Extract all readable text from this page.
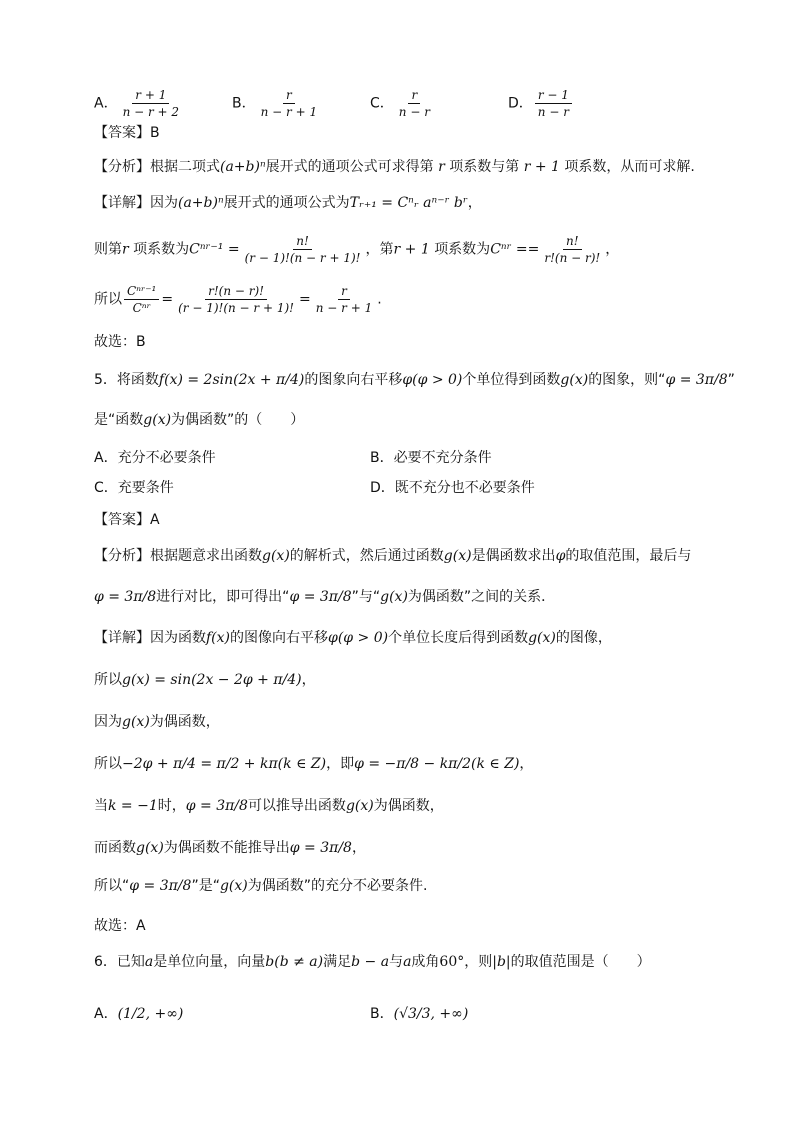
A． $\frac{r + 1}{n - r + 2}$	B． $\frac{r}{n - r + 1}$	C． $\frac{r}{n - r}$	D． $\frac{r - 1}{n - r}$
【答案】B
【分析】根据二项式(a+b)ⁿ展开式的通项公式可求得第 r 项系数与第 r + 1 项系数，从而可求解.
【详解】因为(a+b)ⁿ展开式的通项公式为Tᵣ₊₁ = Cⁿᵣ aⁿ⁻ʳ bʳ，
则第r 项系数为Cⁿʳ⁻¹ = $\frac{n!}{(r - 1)!(n - r + 1)!}$ ，第r + 1 项系数为Cⁿʳ == $\frac{n!}{r!(n - r)!}$ ，
所以 $\frac{\text{Cⁿʳ⁻¹}}{\text{Cⁿʳ}} = \frac{r!(n - r)!}{(r - 1)!(n - r + 1)!} = \frac{r}{n - r + 1}$ .
故选：B
5．将函数f(x) = 2sin(2x + π/4)的图象向右平移φ(φ > 0)个单位得到函数g(x)的图象，则“φ = 3π/8”
是“函数g(x)为偶函数”的（　　）
A．充分不必要条件	B．必要不充分条件
C．充要条件	D．既不充分也不必要条件
【答案】A
【分析】根据题意求出函数g(x)的解析式，然后通过函数g(x)是偶函数求出φ的取值范围，最后与
φ = 3π/8进行对比，即可得出“φ = 3π/8”与“g(x)为偶函数”之间的关系．
【详解】因为函数f(x)的图像向右平移φ(φ > 0)个单位长度后得到函数g(x)的图像，
所以g(x) = sin(2x − 2φ + π/4)，
因为g(x)为偶函数，
所以−2φ + π/4 = π/2 + kπ(k ∈ Z)，即φ = −π/8 − kπ/2(k ∈ Z)，
当k = −1时，φ = 3π/8可以推导出函数g(x)为偶函数，
而函数g(x)为偶函数不能推导出φ = 3π/8，
所以“φ = 3π/8”是“g(x)为偶函数”的充分不必要条件.
故选：A
6．已知a是单位向量，向量b(b ≠ a)满足b − a与a成角60°，则|b|的取值范围是（　　）
A．(1/2, +∞)	B．(√3/3, +∞)
